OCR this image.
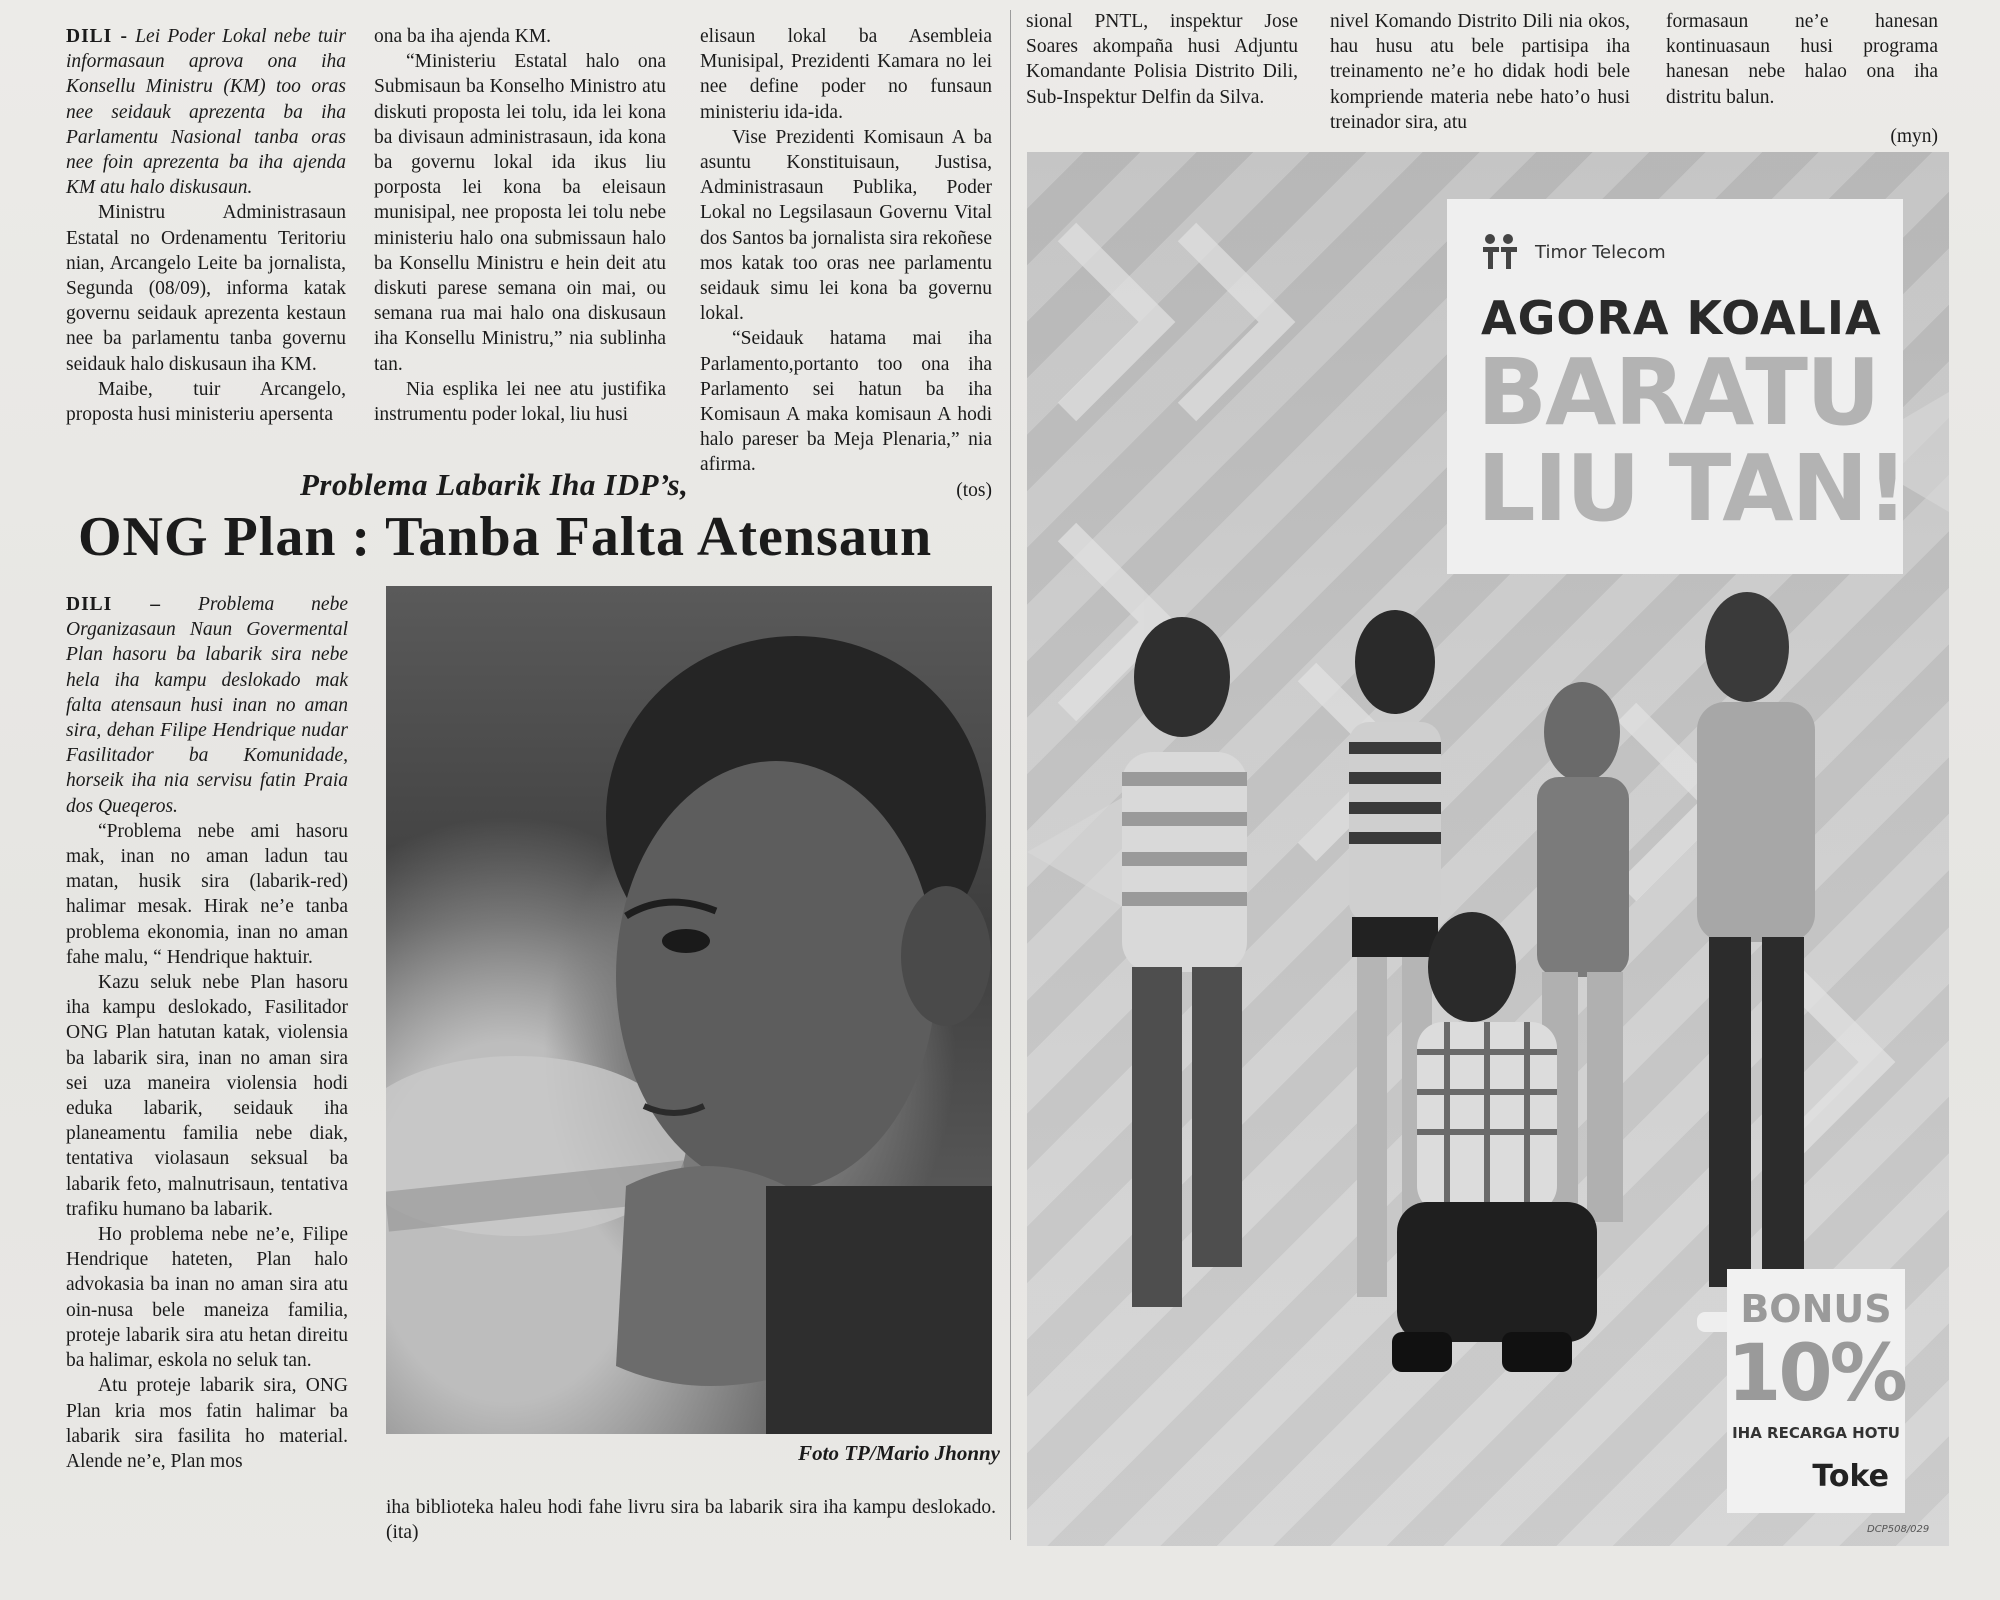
DILI - Lei Poder Lokal nebe tuir informasaun aprova ona iha Konsellu Ministru (KM) too oras nee seidauk aprezenta ba iha Parlamentu Nasional tanba oras nee foin aprezenta ba iha ajenda KM atu halo diskusaun.

Ministru Administrasaun Estatal no Ordenamentu Teritoriu nian, Arcangelo Leite ba jornalista, Segunda (08/09), informa katak governu seidauk aprezenta kestaun nee ba parlamentu tanba governu seidauk halo diskusaun iha KM.

Maibe, tuir Arcangelo, proposta husi ministeriu apersenta

ona ba iha ajenda KM.

“Ministeriu Estatal halo ona Submisaun ba Konselho Ministro atu diskuti proposta lei tolu, ida lei kona ba divisaun administrasaun, ida kona ba governu lokal ida ikus liu porposta lei kona ba eleisaun munisipal, nee proposta lei tolu nebe ministeriu halo ona submissaun halo ba Konsellu Ministru e hein deit atu diskuti parese semana oin mai, ou semana rua mai halo ona diskusaun iha Konsellu Ministru,” nia sublinha tan.

Nia esplika lei nee atu justifika instrumentu poder lokal, liu husi

elisaun lokal ba Asembleia Munisipal, Prezidenti Kamara no lei nee define poder no funsaun ministeriu ida-ida.

Vise Prezidenti Komisaun A ba asuntu Konstituisaun, Justisa, Administrasaun Publika, Poder Lokal no Legsilasaun Governu Vital dos Santos ba jornalista sira rekoñese mos katak too oras nee parlamentu seidauk simu lei kona ba governu lokal.

“Seidauk hatama mai iha Parlamento,portanto too ona iha Parlamento sei hatun ba iha Komisaun A maka komisaun A hodi halo pareser ba Meja Plenaria,” nia afirma.

(tos)

sional PNTL, inspektur Jose Soares akompaña husi Adjuntu Komandante Polisia Distrito Dili, Sub-Inspektur Delfin da Silva.

nivel Komando Distrito Dili nia okos, hau husu atu bele partisipa iha treinamento ne’e ho didak hodi bele kompriende materia nebe hato’o husi treinador sira, atu

formasaun ne’e hanesan kontinuasaun husi programa hanesan nebe halao ona iha distritu balun.

(myn)

Problema Labarik Iha IDP’s,
ONG Plan : Tanba Falta Atensaun

DILI – Problema nebe Organizasaun Naun Govermental Plan hasoru ba labarik sira nebe hela iha kampu deslokado mak falta atensaun husi inan no aman sira, dehan Filipe Hendrique nudar Fasilitador ba Komunidade, horseik iha nia servisu fatin Praia dos Queqeros.

“Problema nebe ami hasoru mak, inan no aman ladun tau matan, husik sira (labarik-red) halimar mesak. Hirak ne’e tanba problema ekonomia, inan no aman fahe malu, “ Hendrique haktuir.

Kazu seluk nebe Plan hasoru iha kampu deslokado, Fasilitador ONG Plan hatutan katak, violensia ba labarik sira, inan no aman sira sei uza maneira violensia hodi eduka labarik, seidauk iha planeamentu familia nebe diak, tentativa violasaun seksual ba labarik feto, malnutrisaun, tentativa trafiku humano ba labarik.

Ho problema nebe ne’e, Filipe Hendrique hateten, Plan halo advokasia ba inan no aman sira atu oin-nusa bele maneiza familia, proteje labarik sira atu hetan direitu ba halimar, eskola no seluk tan.

Atu proteje labarik sira, ONG Plan kria mos fatin halimar ba labarik sira fasilita ho material. Alende ne’e, Plan mos	Foto TP/Mario Jhonny
iha biblioteka haleu hodi fahe livru sira ba labarik sira iha kampu deslokado. (ita)
Timor Telecom
AGORA KOALIA
BARATU
LIU TAN!
BONUS
10%
IHA RECARGA HOTU
Toke
DCP508/029
